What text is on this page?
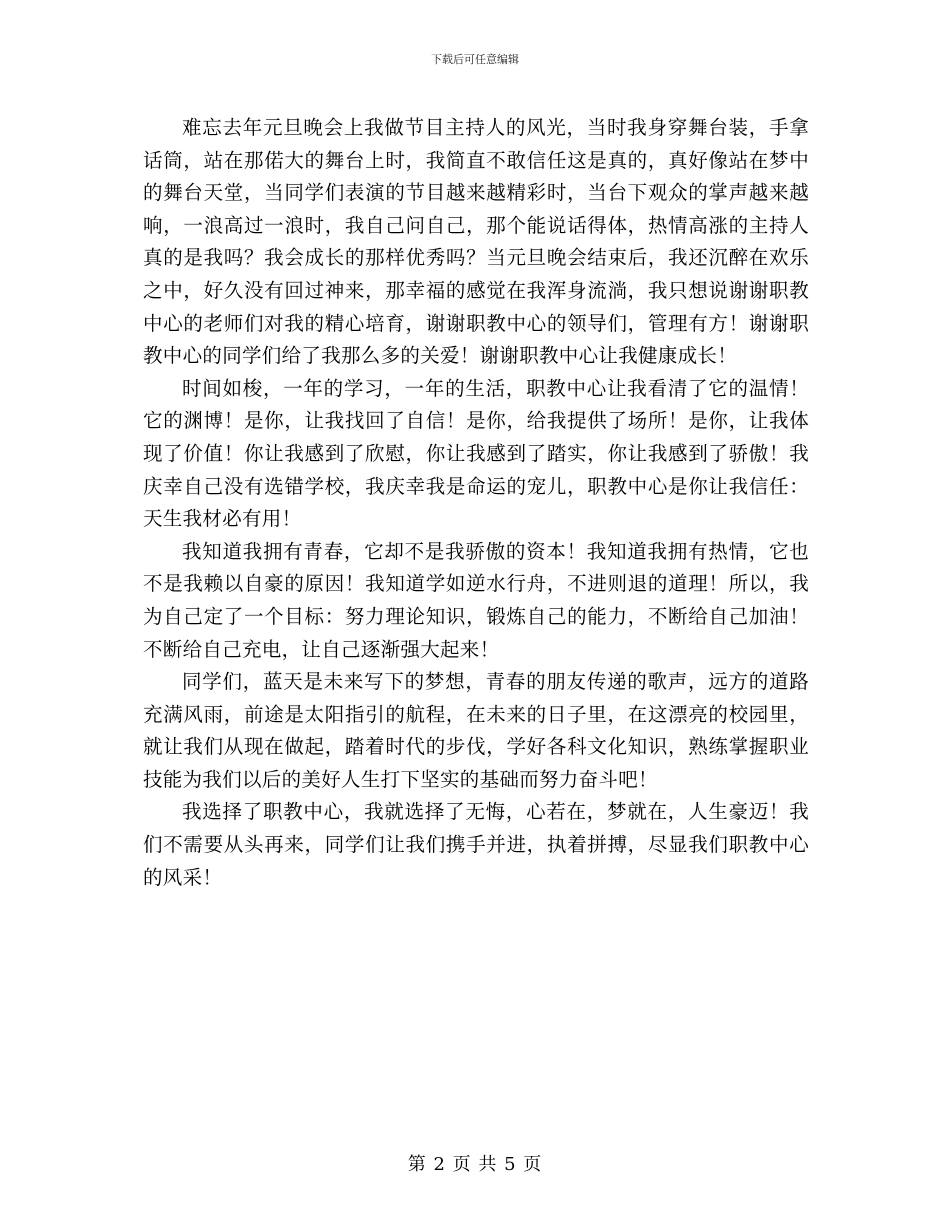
下载后可任意编辑

难忘去年元旦晚会上我做节目主持人的风光，当时我身穿舞台装，手拿话筒，站在那偌大的舞台上时，我简直不敢信任这是真的，真好像站在梦中的舞台天堂，当同学们表演的节目越来越精彩时，当台下观众的掌声越来越响，一浪高过一浪时，我自己问自己，那个能说话得体，热情高涨的主持人真的是我吗？我会成长的那样优秀吗？当元旦晚会结束后，我还沉醉在欢乐之中，好久没有回过神来，那幸福的感觉在我浑身流淌，我只想说谢谢职教中心的老师们对我的精心培育，谢谢职教中心的领导们，管理有方！谢谢职教中心的同学们给了我那么多的关爱！谢谢职教中心让我健康成长！

时间如梭，一年的学习，一年的生活，职教中心让我看清了它的温情！它的渊博！是你，让我找回了自信！是你，给我提供了场所！是你，让我体现了价值！你让我感到了欣慰，你让我感到了踏实，你让我感到了骄傲！我庆幸自己没有选错学校，我庆幸我是命运的宠儿，职教中心是你让我信任：天生我材必有用！

我知道我拥有青春，它却不是我骄傲的资本！我知道我拥有热情，它也不是我赖以自豪的原因！我知道学如逆水行舟，不进则退的道理！所以，我为自己定了一个目标：努力理论知识，锻炼自己的能力，不断给自己加油！不断给自己充电，让自己逐渐强大起来！

同学们，蓝天是未来写下的梦想，青春的朋友传递的歌声，远方的道路充满风雨，前途是太阳指引的航程，在未来的日子里，在这漂亮的校园里，就让我们从现在做起，踏着时代的步伐，学好各科文化知识，熟练掌握职业技能为我们以后的美好人生打下坚实的基础而努力奋斗吧！

我选择了职教中心，我就选择了无悔，心若在，梦就在，人生豪迈！我们不需要从头再来，同学们让我们携手并进，执着拼搏，尽显我们职教中心的风采！

第 2 页 共 5 页
